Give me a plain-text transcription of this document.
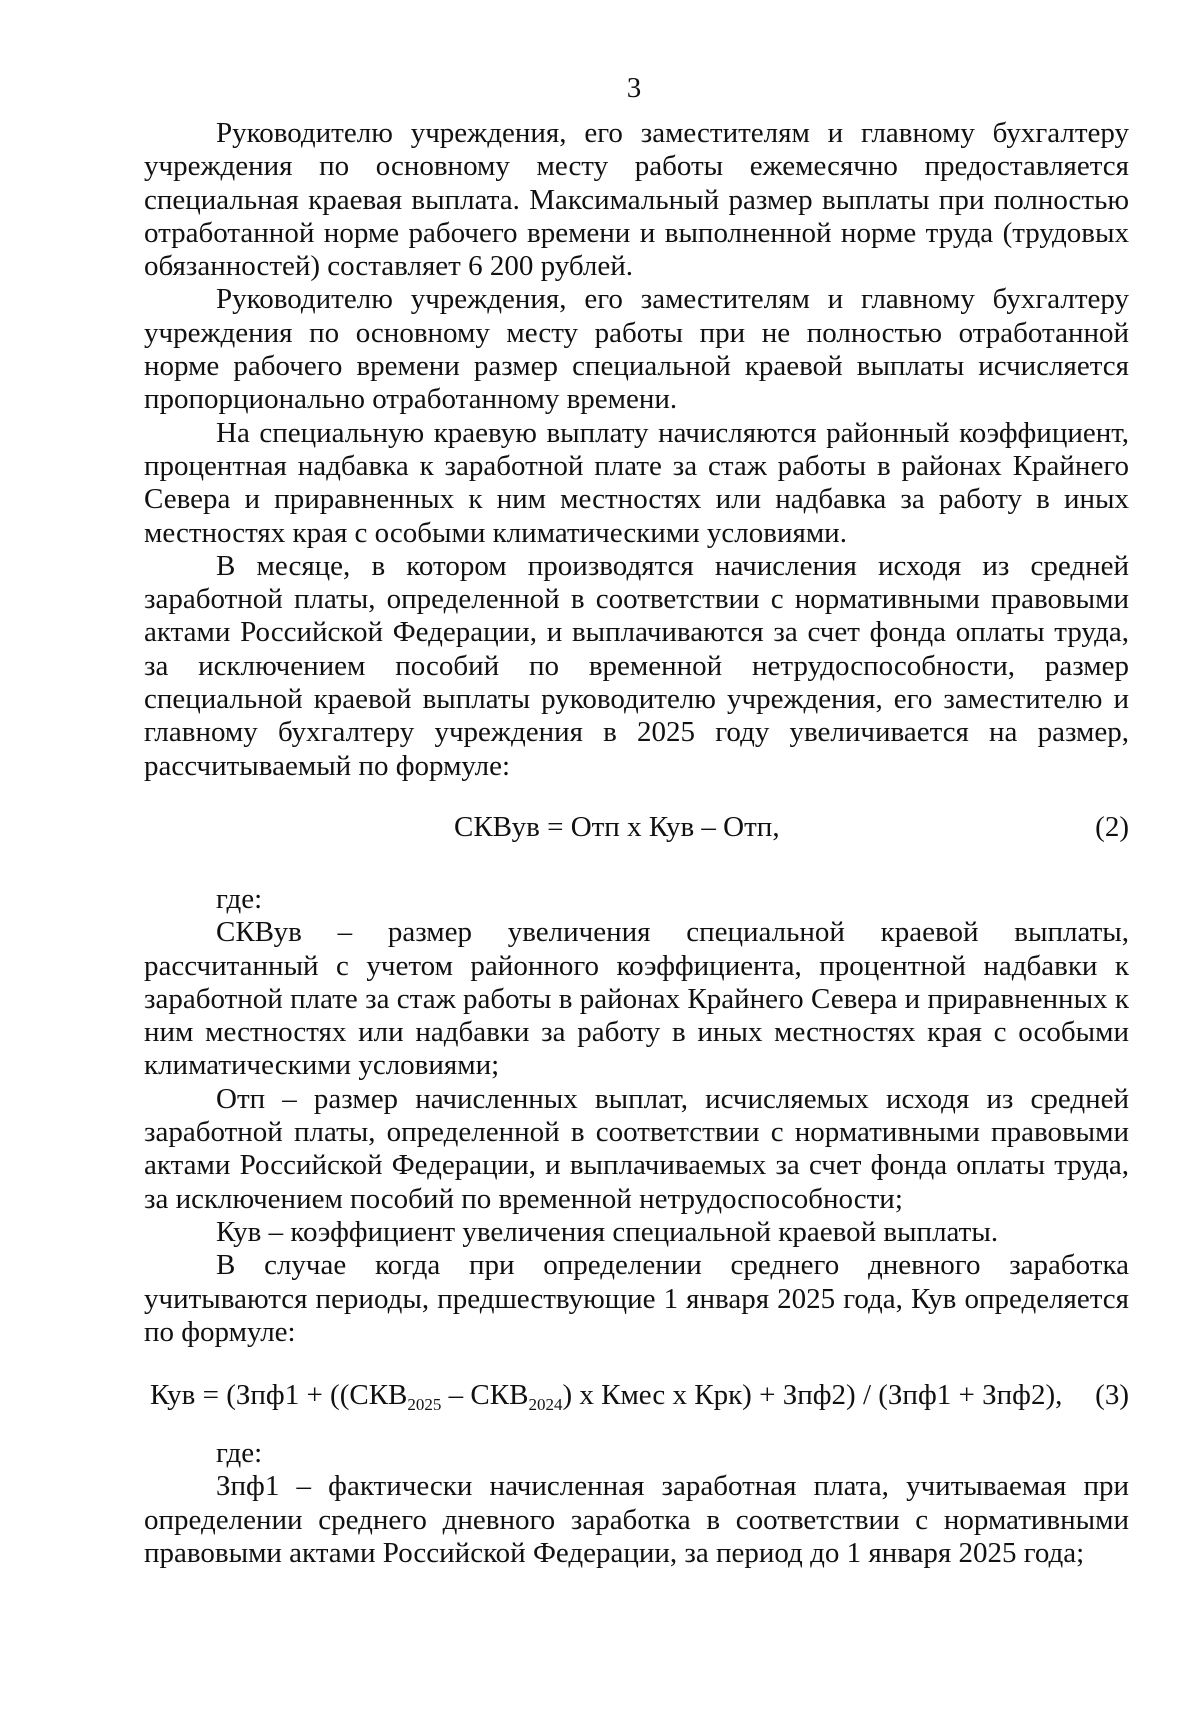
3

Руководителю учреждения, его заместителям и главному бухгалтеру учреждения по основному месту работы ежемесячно предоставляется специальная краевая выплата. Максимальный размер выплаты при полностью отработанной норме рабочего времени и выполненной норме труда (трудовых обязанностей) составляет 6 200 рублей.

Руководителю учреждения, его заместителям и главному бухгалтеру учреждения по основному месту работы при не полностью отработанной норме рабочего времени размер специальной краевой выплаты исчисляется пропорционально отработанному времени.

На специальную краевую выплату начисляются районный коэффициент, процентная надбавка к заработной плате за стаж работы в районах Крайнего Севера и приравненных к ним местностях или надбавка за работу в иных местностях края с особыми климатическими условиями.

В месяце, в котором производятся начисления исходя из средней заработной платы, определенной в соответствии с нормативными правовыми актами Российской Федерации, и выплачиваются за счет фонда оплаты труда, за исключением пособий по временной нетрудоспособности, размер специальной краевой выплаты руководителю учреждения, его заместителю и главному бухгалтеру учреждения в 2025 году увеличивается на размер, рассчитываемый по формуле:

СКВув = Отп х Кув – Отп,	(2)

где:

СКВув – размер увеличения специальной краевой выплаты, рассчитанный с учетом районного коэффициента, процентной надбавки к заработной плате за стаж работы в районах Крайнего Севера и приравненных к ним местностях или надбавки за работу в иных местностях края с особыми климатическими условиями;

Отп – размер начисленных выплат, исчисляемых исходя из средней заработной платы, определенной в соответствии с нормативными правовыми актами Российской Федерации, и выплачиваемых за счет фонда оплаты труда, за исключением пособий по временной нетрудоспособности;

Кув – коэффициент увеличения специальной краевой выплаты.

В случае когда при определении среднего дневного заработка учитываются периоды, предшествующие 1 января 2025 года, Кув определяется по формуле:

Кув = ($Зпф1 + ((СКВ_{2025} - СКВ_{2024})$ х Кмес х Крк) + Зпф2) / (Зпф1 + Зпф2), (3)

где:

Зпф1 – фактически начисленная заработная плата, учитываемая при определении среднего дневного заработка в соответствии с нормативными правовыми актами Российской Федерации, за период до 1 января 2025 года;
